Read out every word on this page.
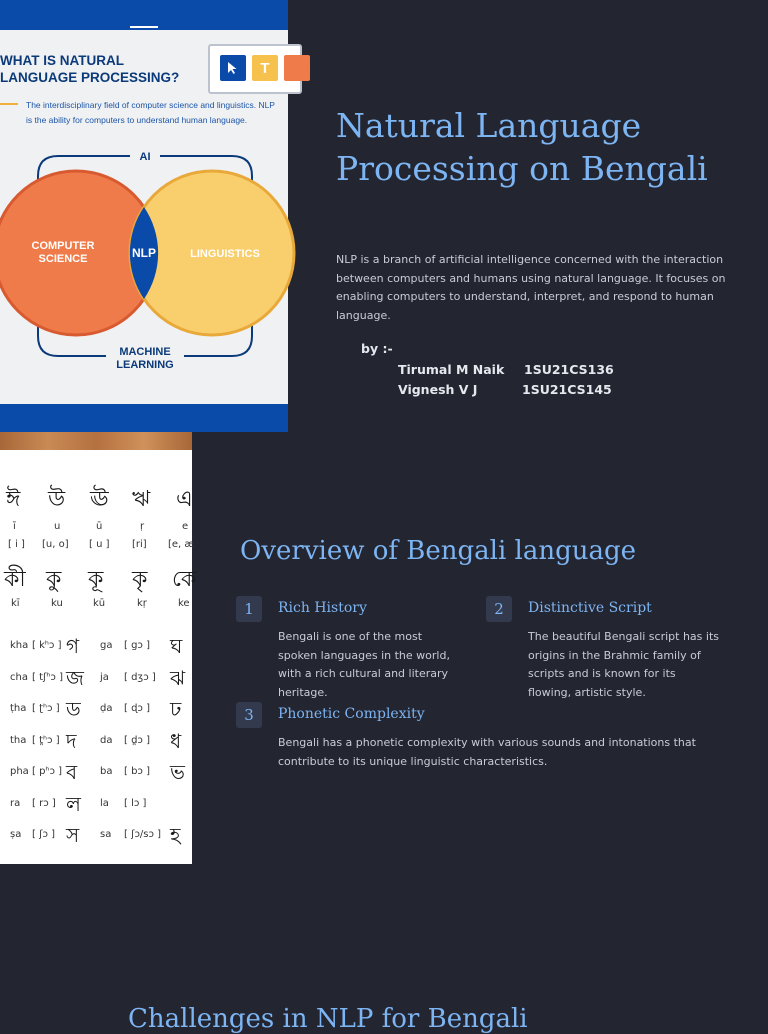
WHAT IS NATURAL
LANGUAGE PROCESSING?
The interdisciplinary field of computer science and linguistics. NLP is the ability for computers to understand human language.
T
AI
COMPUTER
SCIENCE	NLP	LINGUISTICS
MACHINE
LEARNING
Natural Language Processing on Bengali
NLP is a branch of artificial intelligence concerned with the interaction between computers and humans using natural language. It focuses on enabling computers to understand, interpret, and respond to human language.
by :-
Tirumal M Naik 1SU21CS136
Vignesh V J	1SU21CS145
ঈ উ ঊ ঋ এ
ī	u	ū	ṛ	e
[ i ] [u, o] [ u ] [ri] [e, æ
কী কু কূ কৃ কে
kī	ku	kū	kṛ	ke
kha [ kʰɔ ] গ ga [ gɔ ] ঘ
cha [ tʃʰɔ ] জ ja [ dʒɔ ] ঝ
ṭha [ ʈʰɔ ] ড ḍa [ ɖɔ ] ঢ
tha [ t̪ʰɔ ] দ da [ d̪ɔ ] ধ
pha [ pʰɔ ] ব ba [ bɔ ] ভ
ra [ rɔ ] ল la [ lɔ ]
ṣa [ ʃɔ ] স sa [ ʃɔ/sɔ ] হ
Overview of Bengali language
1	Rich History
Bengali is one of the most spoken languages in the world, with a rich cultural and literary heritage.
2	Distinctive Script
The beautiful Bengali script has its origins in the Brahmic family of scripts and is known for its flowing, artistic style.
3	Phonetic Complexity
Bengali has a phonetic complexity with various sounds and intonations that contribute to its unique linguistic characteristics.
Challenges in NLP for Bengali
